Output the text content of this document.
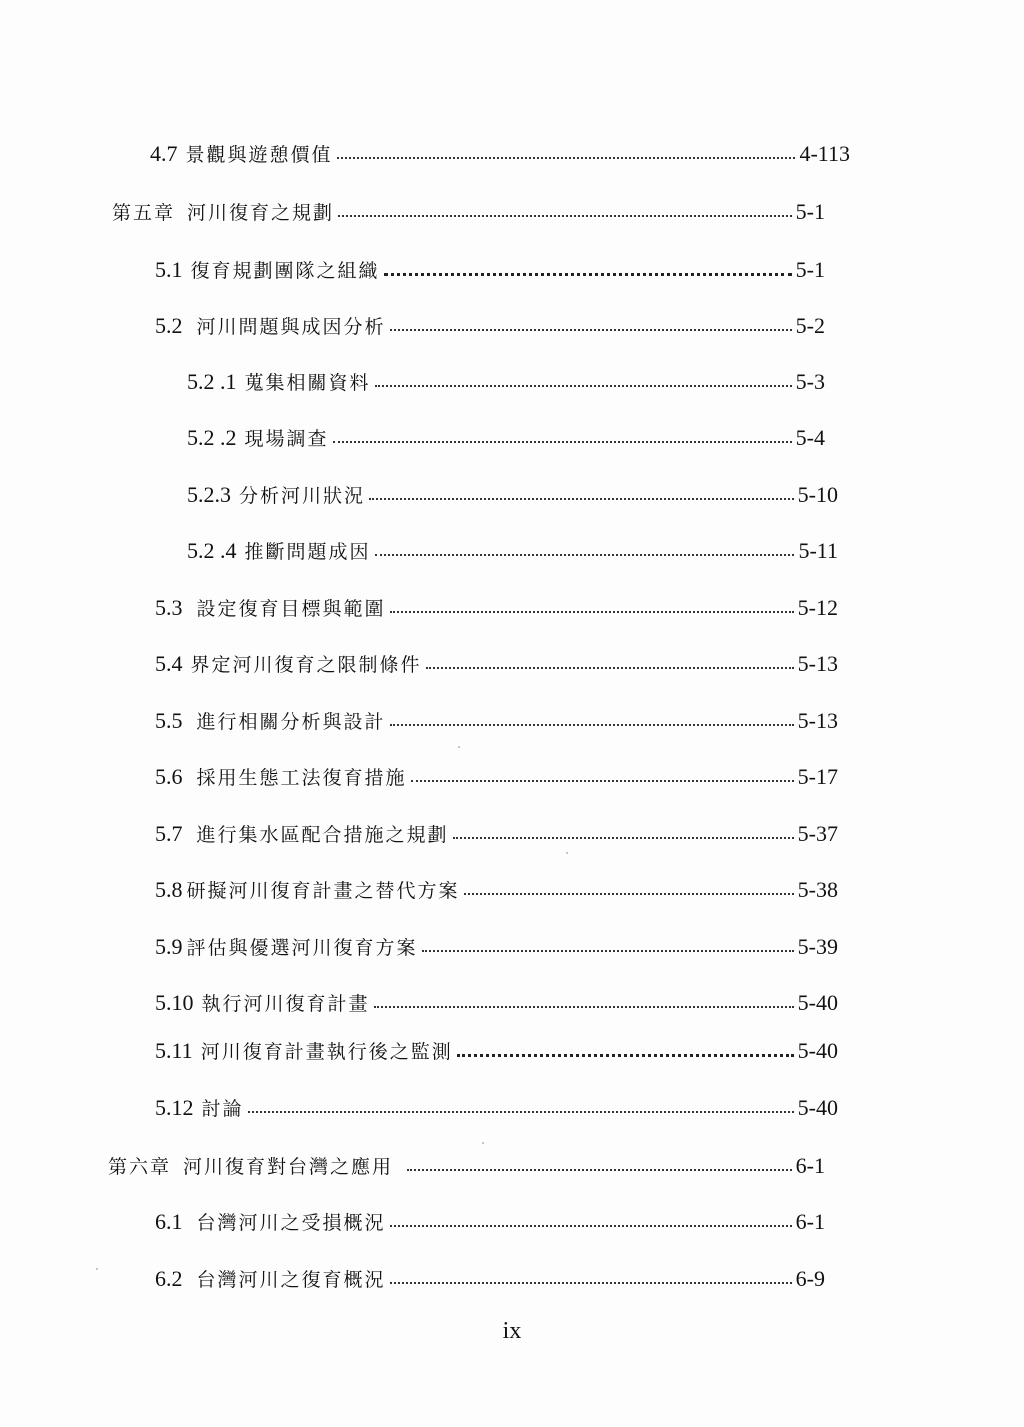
4.7 景觀與遊憩價值	4-113
第五章 河川復育之規劃	5-1
5.1 復育規劃團隊之組織	5-1
5.2 河川問題與成因分析	5-2
5.2 .1 蒐集相關資料	5-3
5.2 .2 現場調查	5-4
5.2.3 分析河川狀況	5-10
5.2 .4 推斷問題成因	5-11
5.3 設定復育目標與範圍	5-12
5.4 界定河川復育之限制條件	5-13
5.5 進行相關分析與設計	5-13
5.6 採用生態工法復育措施	5-17
5.7 進行集水區配合措施之規劃	5-37
5.8 研擬河川復育計畫之替代方案	5-38
5.9 評估與優選河川復育方案	5-39
5.10 執行河川復育計畫	5-40
5.11 河川復育計畫執行後之監測	5-40
5.12 討論	5-40
第六章 河川復育對台灣之應用	6-1
6.1 台灣河川之受損概況	6-1
6.2 台灣河川之復育概況	6-9
ix
